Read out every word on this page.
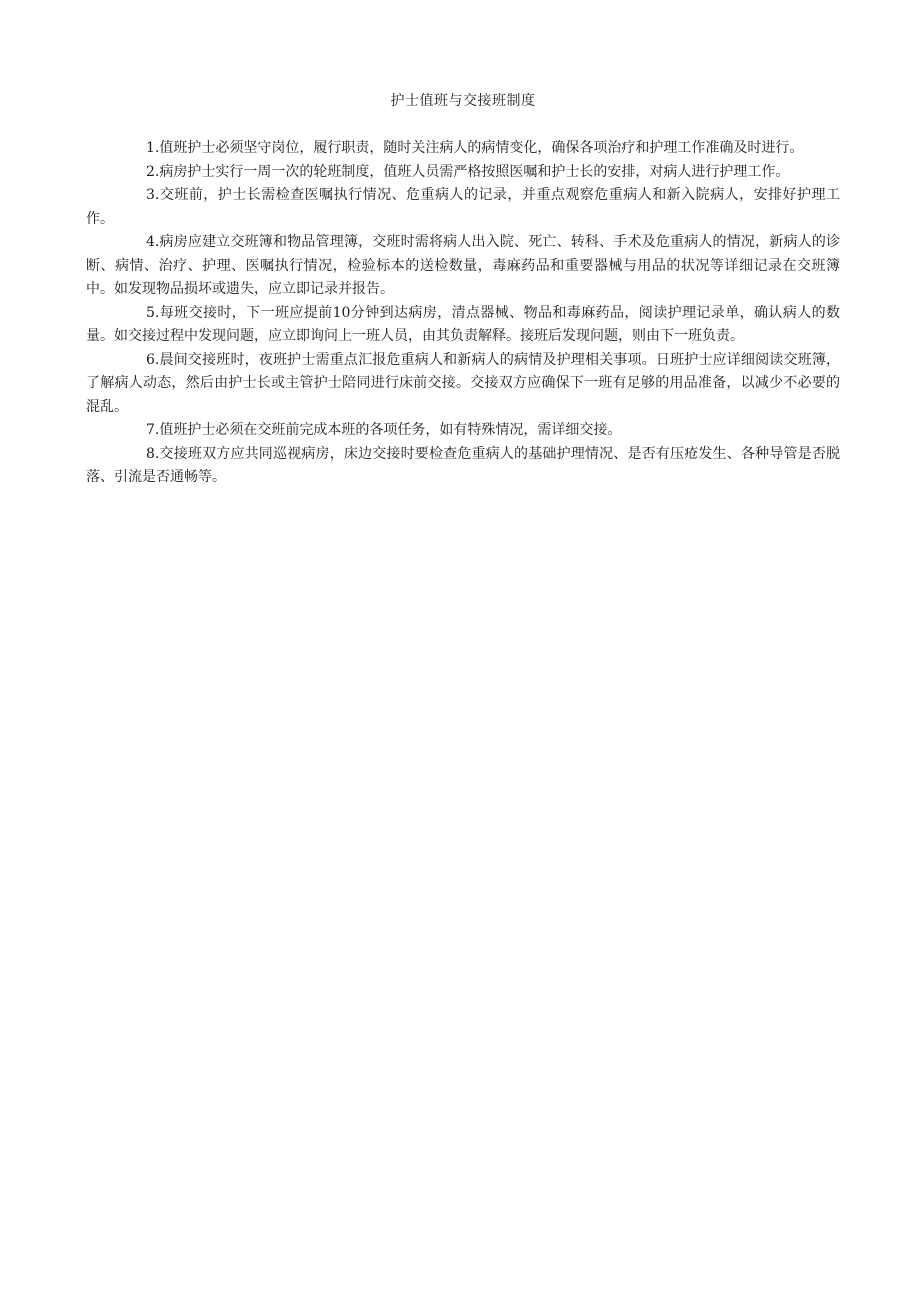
护士值班与交接班制度

1.值班护士必须坚守岗位，履行职责，随时关注病人的病情变化，确保各项治疗和护理工作准确及时进行。

2.病房护士实行一周一次的轮班制度，值班人员需严格按照医嘱和护士长的安排，对病人进行护理工作。

3.交班前，护士长需检查医嘱执行情况、危重病人的记录，并重点观察危重病人和新入院病人，安排好护理工作。

4.病房应建立交班簿和物品管理簿，交班时需将病人出入院、死亡、转科、手术及危重病人的情况，新病人的诊断、病情、治疗、护理、医嘱执行情况，检验标本的送检数量，毒麻药品和重要器械与用品的状况等详细记录在交班簿中。如发现物品损坏或遗失，应立即记录并报告。

5.每班交接时，下一班应提前10分钟到达病房，清点器械、物品和毒麻药品，阅读护理记录单，确认病人的数量。如交接过程中发现问题，应立即询问上一班人员，由其负责解释。接班后发现问题，则由下一班负责。

6.晨间交接班时，夜班护士需重点汇报危重病人和新病人的病情及护理相关事项。日班护士应详细阅读交班簿，了解病人动态，然后由护士长或主管护士陪同进行床前交接。交接双方应确保下一班有足够的用品准备，以减少不必要的混乱。

7.值班护士必须在交班前完成本班的各项任务，如有特殊情况，需详细交接。

8.交接班双方应共同巡视病房，床边交接时要检查危重病人的基础护理情况、是否有压疮发生、各种导管是否脱落、引流是否通畅等。
